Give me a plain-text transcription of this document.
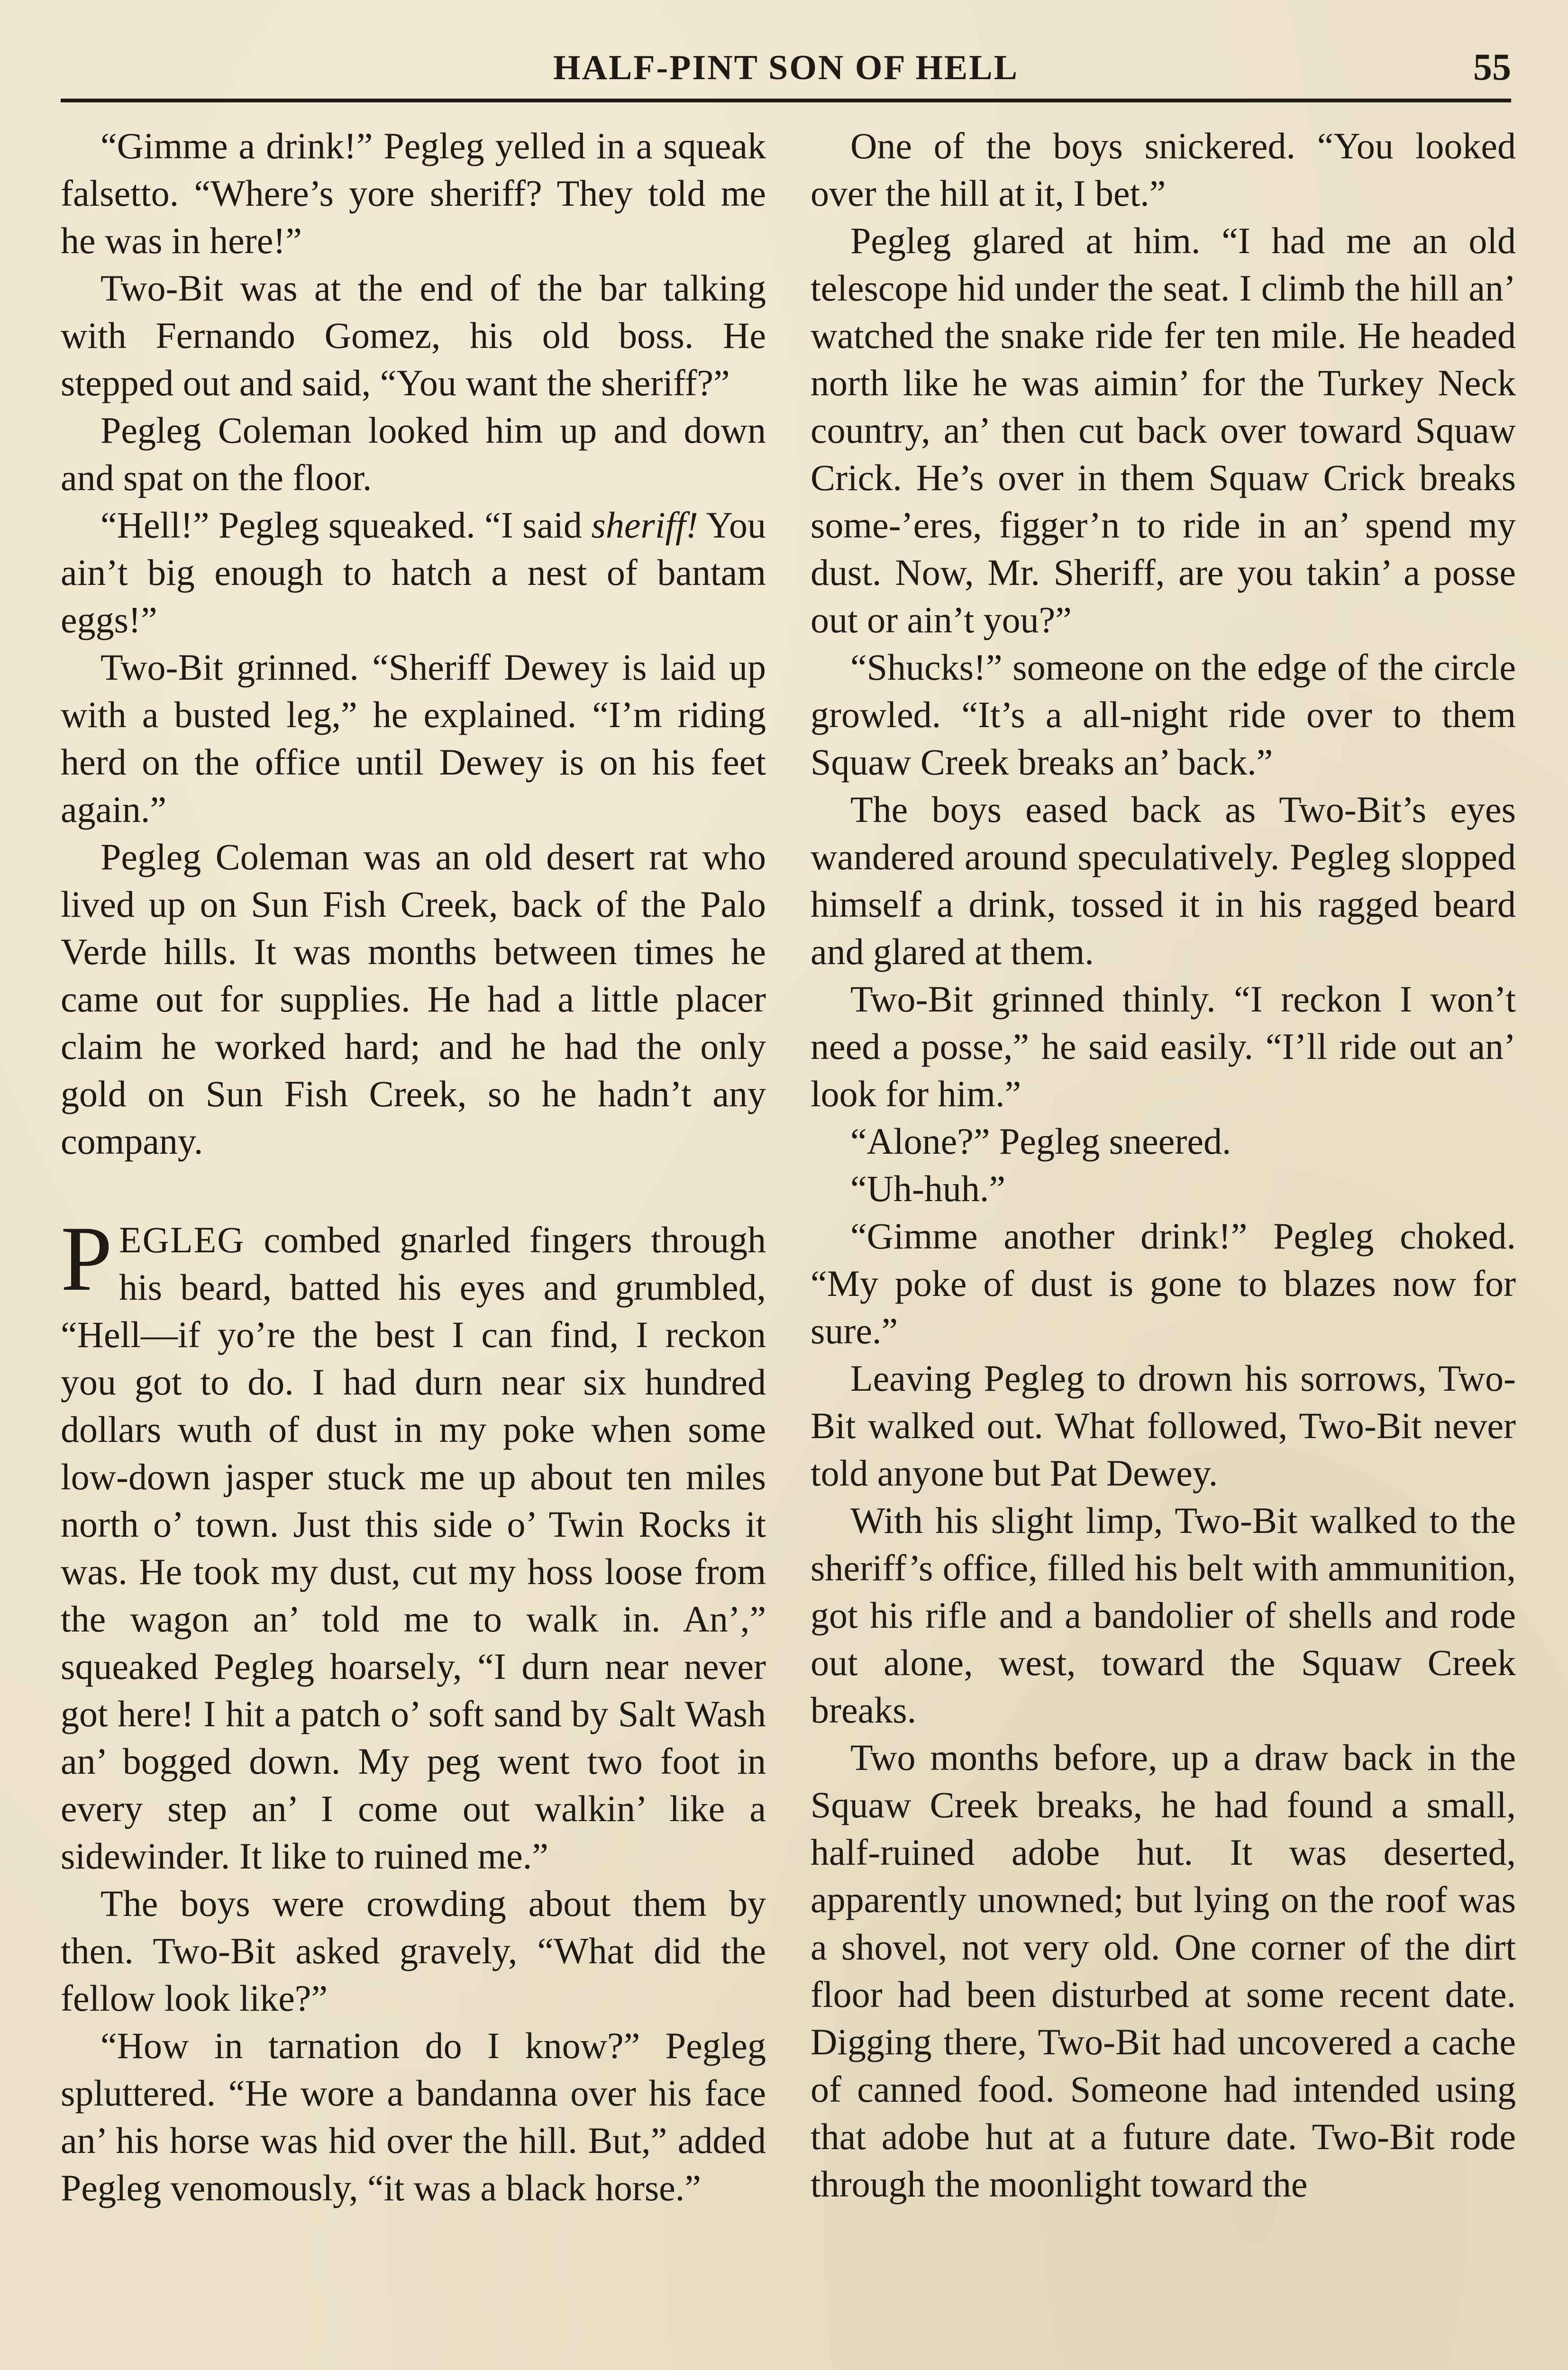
HALF-PINT SON OF HELL	55

“Gimme a drink!” Pegleg yelled in a squeak falsetto. “Where’s yore sheriff? They told me he was in here!”

Two-Bit was at the end of the bar talking with Fernando Gomez, his old boss. He stepped out and said, “You want the sheriff?”

Pegleg Coleman looked him up and down and spat on the floor.

“Hell!” Pegleg squeaked. “I said sheriff! You ain’t big enough to hatch a nest of bantam eggs!”

Two-Bit grinned. “Sheriff Dewey is laid up with a busted leg,” he explained. “I’m riding herd on the office until Dewey is on his feet again.”

Pegleg Coleman was an old desert rat who lived up on Sun Fish Creek, back of the Palo Verde hills. It was months between times he came out for supplies. He had a little placer claim he worked hard; and he had the only gold on Sun Fish Creek, so he hadn’t any company.

PEGLEG combed gnarled fingers through his beard, batted his eyes and grumbled, “Hell—if yo’re the best I can find, I reckon you got to do. I had durn near six hundred dollars wuth of dust in my poke when some low-down jasper stuck me up about ten miles north o’ town. Just this side o’ Twin Rocks it was. He took my dust, cut my hoss loose from the wagon an’ told me to walk in. An’,” squeaked Pegleg hoarsely, “I durn near never got here! I hit a patch o’ soft sand by Salt Wash an’ bogged down. My peg went two foot in every step an’ I come out walkin’ like a sidewinder. It like to ruined me.”

The boys were crowding about them by then. Two-Bit asked gravely, “What did the fellow look like?”

“How in tarnation do I know?” Pegleg spluttered. “He wore a bandanna over his face an’ his horse was hid over the hill. But,” added Pegleg venomously, “it was a black horse.”

One of the boys snickered. “You looked over the hill at it, I bet.”

Pegleg glared at him. “I had me an old telescope hid under the seat. I climb the hill an’ watched the snake ride fer ten mile. He headed north like he was aimin’ for the Turkey Neck country, an’ then cut back over toward Squaw Crick. He’s over in them Squaw Crick breaks some-’eres, figger’n to ride in an’ spend my dust. Now, Mr. Sheriff, are you takin’ a posse out or ain’t you?”

“Shucks!” someone on the edge of the circle growled. “It’s a all-night ride over to them Squaw Creek breaks an’ back.”

The boys eased back as Two-Bit’s eyes wandered around speculatively. Pegleg slopped himself a drink, tossed it in his ragged beard and glared at them.

Two-Bit grinned thinly. “I reckon I won’t need a posse,” he said easily. “I’ll ride out an’ look for him.”

“Alone?” Pegleg sneered.

“Uh-huh.”

“Gimme another drink!” Pegleg choked. “My poke of dust is gone to blazes now for sure.”

Leaving Pegleg to drown his sorrows, Two-Bit walked out. What followed, Two-Bit never told anyone but Pat Dewey.

With his slight limp, Two-Bit walked to the sheriff’s office, filled his belt with ammunition, got his rifle and a bandolier of shells and rode out alone, west, toward the Squaw Creek breaks.

Two months before, up a draw back in the Squaw Creek breaks, he had found a small, half-ruined adobe hut. It was deserted, apparently unowned; but lying on the roof was a shovel, not very old. One corner of the dirt floor had been disturbed at some recent date. Digging there, Two-Bit had uncovered a cache of canned food. Someone had intended using that adobe hut at a future date. Two-Bit rode through the moonlight toward the
